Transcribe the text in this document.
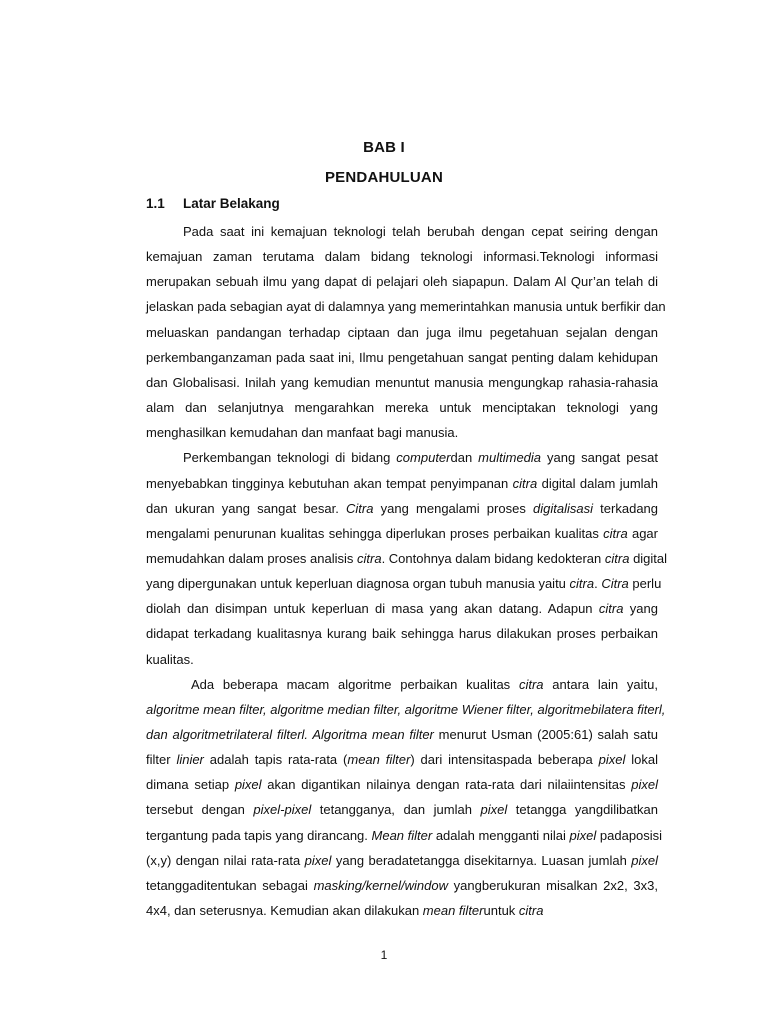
BAB I
PENDAHULUAN
1.1 Latar Belakang
Pada saat ini kemajuan teknologi telah berubah dengan cepat seiring dengan
kemajuan zaman terutama dalam bidang teknologi informasi.Teknologi informasi
merupakan sebuah ilmu yang dapat di pelajari oleh siapapun. Dalam Al Qur’an telah di
jelaskan pada sebagian ayat di dalamnya yang memerintahkan manusia untuk berfikir dan
meluaskan pandangan terhadap ciptaan dan juga ilmu pegetahuan sejalan dengan
perkembanganzaman pada saat ini, Ilmu pengetahuan sangat penting dalam kehidupan
dan Globalisasi. Inilah yang kemudian menuntut manusia mengungkap rahasia-rahasia
alam dan selanjutnya mengarahkan mereka untuk menciptakan teknologi yang
menghasilkan kemudahan dan manfaat bagi manusia.
Perkembangan teknologi di bidang computerdan multimedia yang sangat pesat
menyebabkan tingginya kebutuhan akan tempat penyimpanan citra digital dalam jumlah
dan ukuran yang sangat besar. Citra yang mengalami proses digitalisasi terkadang
mengalami penurunan kualitas sehingga diperlukan proses perbaikan kualitas citra agar
memudahkan dalam proses analisis citra. Contohnya dalam bidang kedokteran citra digital
yang dipergunakan untuk keperluan diagnosa organ tubuh manusia yaitu citra. Citra perlu
diolah dan disimpan untuk keperluan di masa yang akan datang. Adapun citra yang
didapat terkadang kualitasnya kurang baik sehingga harus dilakukan proses perbaikan
kualitas.
Ada beberapa macam algoritme perbaikan kualitas citra antara lain yaitu,
algoritme mean filter, algoritme median filter, algoritme Wiener filter, algoritmebilatera fiterl,
dan algoritmetrilateral filterl. Algoritma mean filter menurut Usman (2005:61) salah satu
filter linier adalah tapis rata-rata (mean filter) dari intensitaspada beberapa pixel lokal
dimana setiap pixel akan digantikan nilainya dengan rata-rata dari nilaiintensitas pixel
tersebut dengan pixel-pixel tetangganya, dan jumlah pixel tetangga yangdilibatkan
tergantung pada tapis yang dirancang. Mean filter adalah mengganti nilai pixel padaposisi
(x,y) dengan nilai rata-rata pixel yang beradatetangga disekitarnya. Luasan jumlah pixel
tetanggaditentukan sebagai masking/kernel/window yangberukuran misalkan 2x2, 3x3,
4x4, dan seterusnya. Kemudian akan dilakukan mean filteruntuk citra
1
